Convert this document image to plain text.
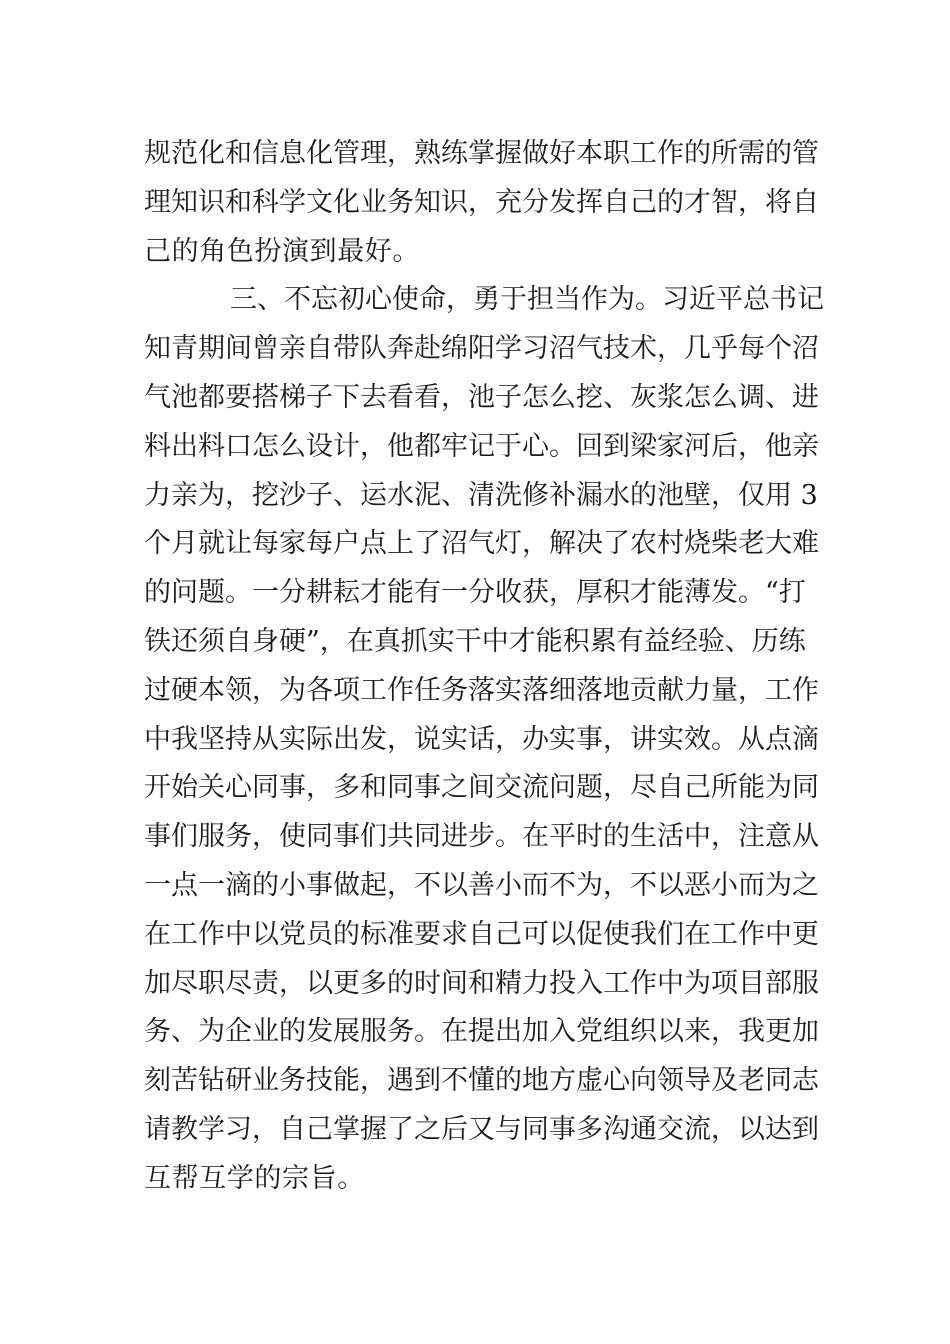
规范化和信息化管理，熟练掌握做好本职工作的所需的管
理知识和科学文化业务知识，充分发挥自己的才智，将自
己的角色扮演到最好。
三、不忘初心使命，勇于担当作为。习近平总书记
知青期间曾亲自带队奔赴绵阳学习沼气技术，几乎每个沼
气池都要搭梯子下去看看，池子怎么挖、灰浆怎么调、进
料出料口怎么设计，他都牢记于心。回到梁家河后，他亲
力亲为，挖沙子、运水泥、清洗修补漏水的池壁，仅用 3
个月就让每家每户点上了沼气灯，解决了农村烧柴老大难
的问题。一分耕耘才能有一分收获，厚积才能薄发。“打
铁还须自身硬”，在真抓实干中才能积累有益经验、历练
过硬本领，为各项工作任务落实落细落地贡献力量，工作
中我坚持从实际出发，说实话，办实事，讲实效。从点滴
开始关心同事，多和同事之间交流问题，尽自己所能为同
事们服务，使同事们共同进步。在平时的生活中，注意从
一点一滴的小事做起，不以善小而不为，不以恶小而为之
在工作中以党员的标准要求自己可以促使我们在工作中更
加尽职尽责，以更多的时间和精力投入工作中为项目部服
务、为企业的发展服务。在提出加入党组织以来，我更加
刻苦钻研业务技能，遇到不懂的地方虚心向领导及老同志
请教学习，自己掌握了之后又与同事多沟通交流，以达到
互帮互学的宗旨。
